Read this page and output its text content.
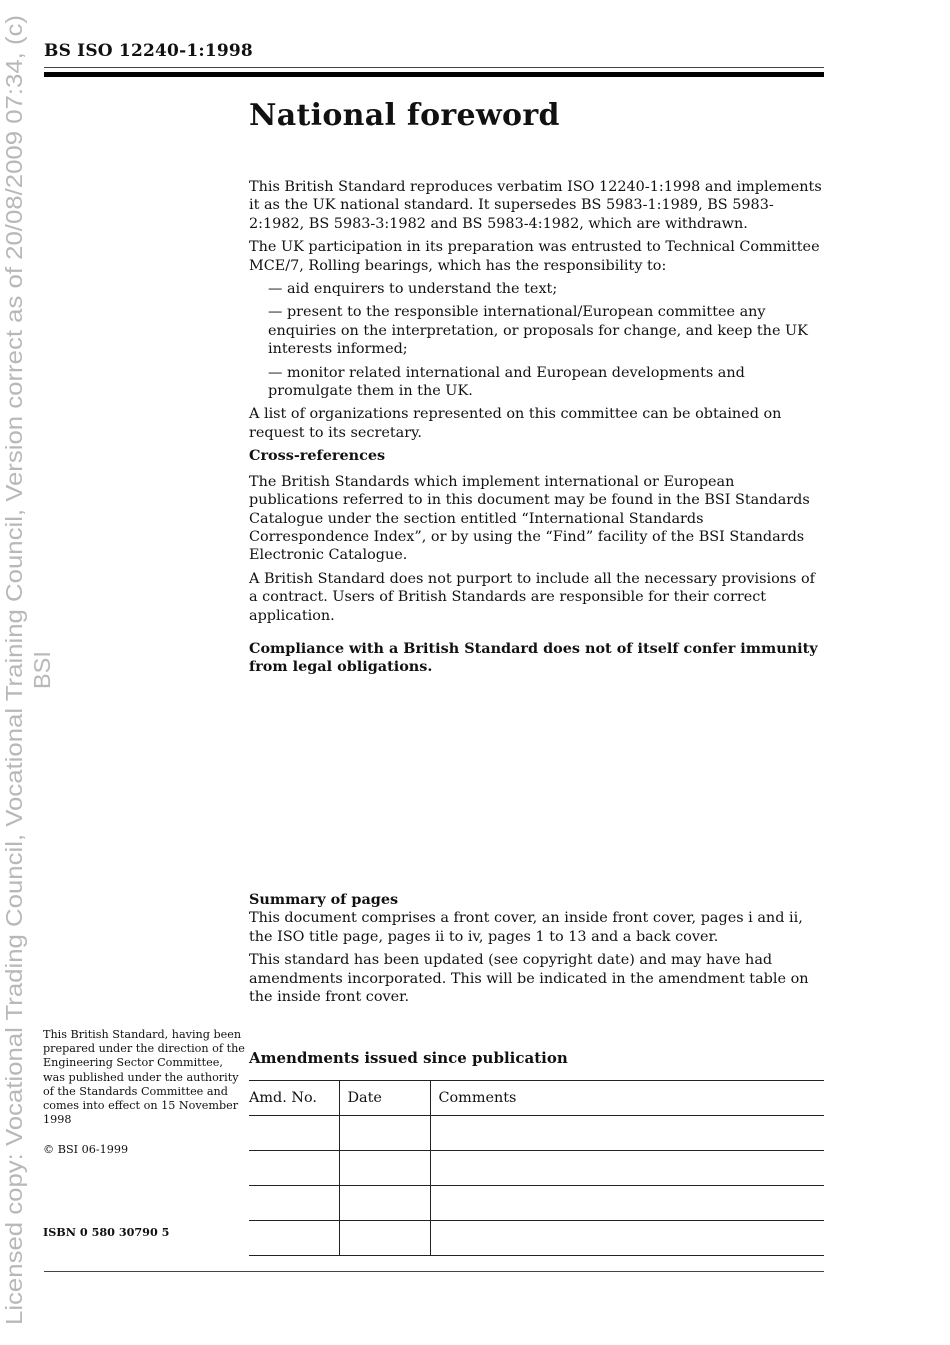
Licensed copy: Vocational Trading Council, Vocational Training Council, Version correct as of 20/08/2009 07:34, (c) BSI
BS ISO 12240-1:1998
National foreword

This British Standard reproduces verbatim ISO 12240-1:1998 and implements it as the UK national standard. It supersedes BS 5983-1:1989, BS 5983-2:1982, BS 5983-3:1982 and BS 5983-4:1982, which are withdrawn.

The UK participation in its preparation was entrusted to Technical Committee MCE/7, Rolling bearings, which has the responsibility to:

— aid enquirers to understand the text;

— present to the responsible international/European committee any enquiries on the interpretation, or proposals for change, and keep the UK interests informed;

— monitor related international and European developments and promulgate them in the UK.

A list of organizations represented on this committee can be obtained on request to its secretary.

Cross-references

The British Standards which implement international or European publications referred to in this document may be found in the BSI Standards Catalogue under the section entitled “International Standards Correspondence Index”, or by using the “Find” facility of the BSI Standards Electronic Catalogue.

A British Standard does not purport to include all the necessary provisions of a contract. Users of British Standards are responsible for their correct application.

Compliance with a British Standard does not of itself confer immunity from legal obligations.

Summary of pages

This document comprises a front cover, an inside front cover, pages i and ii, the ISO title page, pages ii to iv, pages 1 to 13 and a back cover.

This standard has been updated (see copyright date) and may have had amendments incorporated. This will be indicated in the amendment table on the inside front cover.

This British Standard, having been prepared under the direction of the Engineering Sector Committee, was published under the authority of the Standards Committee and comes into effect on 15 November 1998

© BSI 06-1999

ISBN 0 580 30790 5

Amendments issued since publication
Amd. No.	Date	Comments
